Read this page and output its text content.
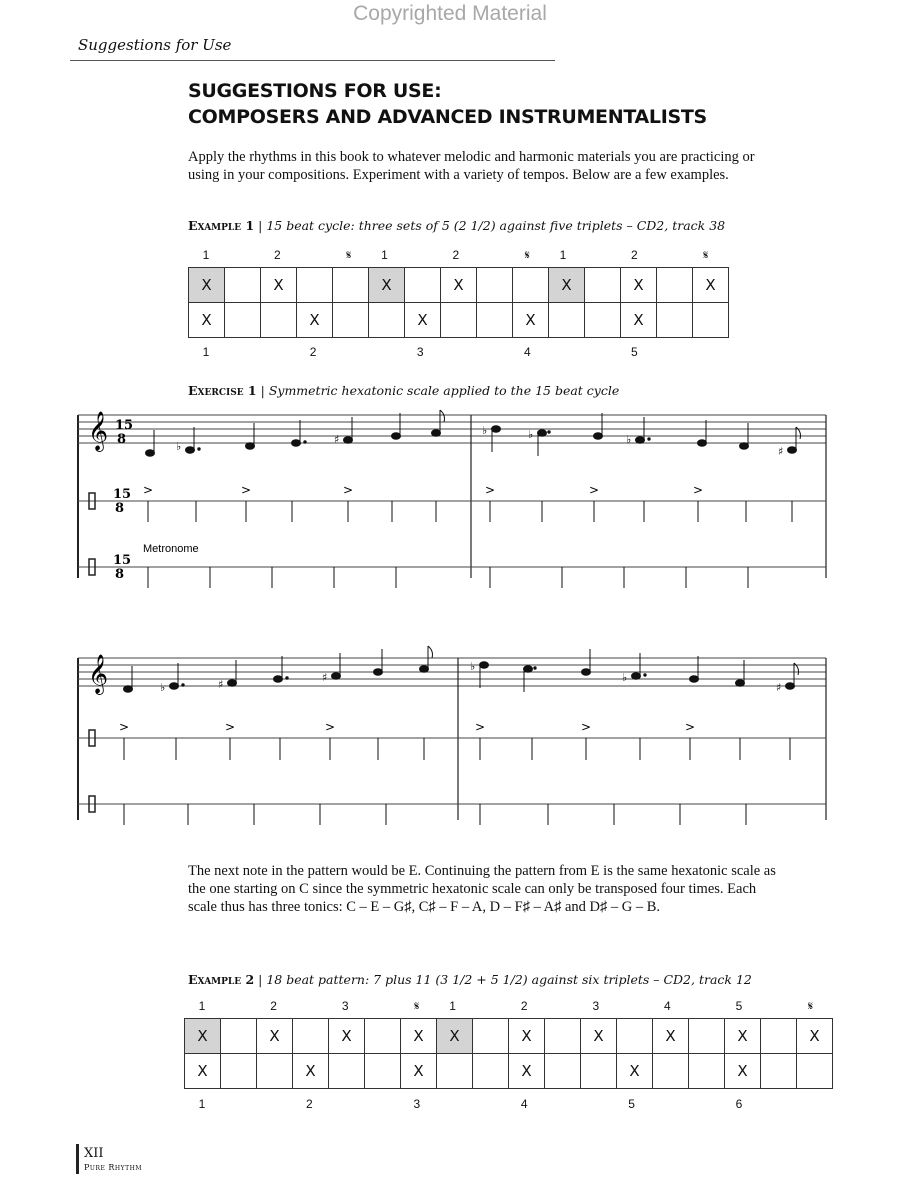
Copyrighted Material
Suggestions for Use
SUGGESTIONS FOR USE:
COMPOSERS AND ADVANCED INSTRUMENTALISTS
Apply the rhythms in this book to whatever melodic and harmonic materials you are practicing or using in your compositions. Experiment with a variety of tempos. Below are a few examples.
Example 1 | 15 beat cycle: three sets of 5 (2 1/2) against five triplets – CD2, track 38
1	2	𝄋	1	2	𝄋	1	2	𝄋
X		X			X		X			X		X		X
X			X			X			X			X		
1	2	3	4	5
Exercise 1 | Symmetric hexatonic scale applied to the 15 beat cycle
𝄞 15
8	♭
♯
♭	♭	♭
♯
15
8
>	>	>	>	>	>
15
8
Metronome
𝄞	♭	♯
♯
♭
♭
♯
>	>	>	>	>	>
The next note in the pattern would be E. Continuing the pattern from E is the same hexatonic scale as the one starting on C since the symmetric hexatonic scale can only be transposed four times. Each scale thus has three tonics: C – E – G♯, C♯ – F – A, D – F♯ – A♯ and D♯ – G – B.
Example 2 | 18 beat pattern: 7 plus 11 (3 1/2 + 5 1/2) against six triplets – CD2, track 12
1	2	3	𝄋	1	2	3	4	5	𝄋
X		X		X		X	X		X		X		X		X		X
X			X			X			X			X			X		
1	2	3	4	5	6
XII
Pure Rhythm
